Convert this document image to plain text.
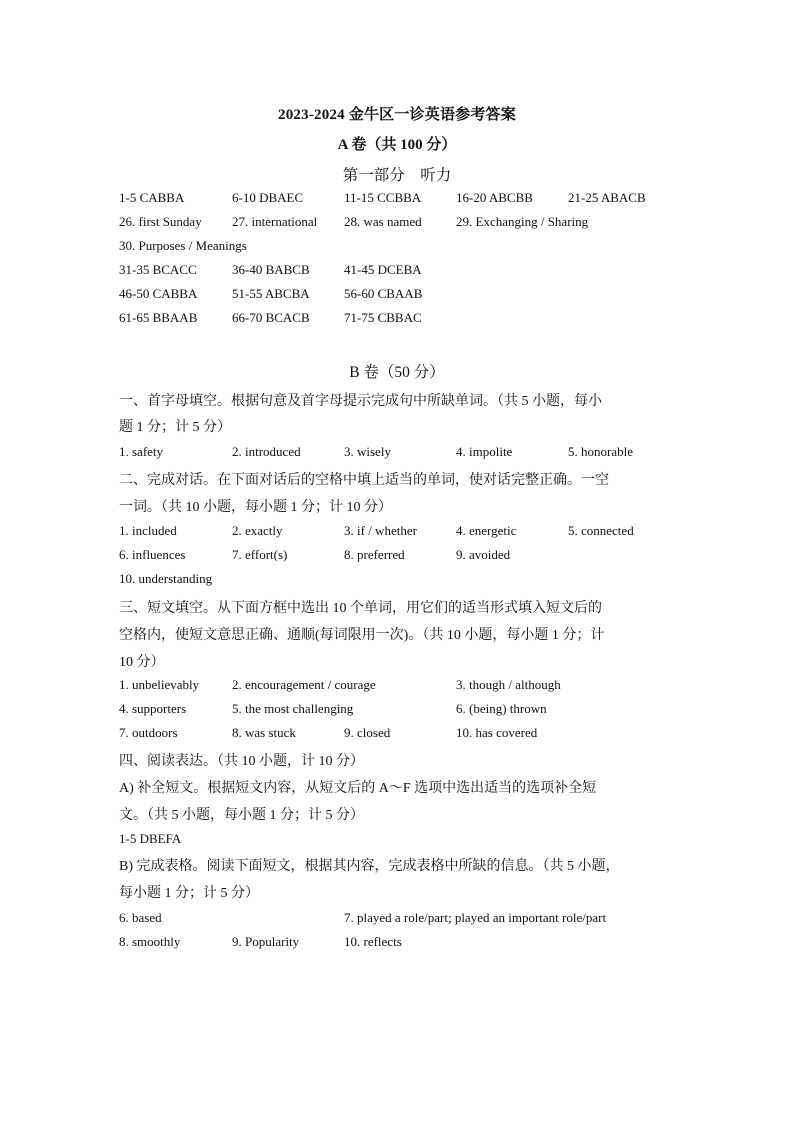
2023-2024 金牛区一诊英语参考答案
A 卷（共 100 分）
第一部分　听力
1-5 CABBA	6-10 DBAEC	11-15 CCBBA	16-20 ABCBB	21-25 ABACB
26. first Sunday 27. international 28. was named	29. Exchanging / Sharing
30. Purposes / Meanings
31-35 BCACC	36-40 BABCB	41-45 DCEBA
46-50 CABBA	51-55 ABCBA	56-60 CBAAB
61-65 BBAAB	66-70 BCACB	71-75 CBBAC
B 卷（50 分）
一、首字母填空。根据句意及首字母提示完成句中所缺单词。（共 5 小题，每小
题 1 分；计 5 分）
1. safety	2. introduced	3. wisely	4. impolite	5. honorable
二、完成对话。在下面对话后的空格中填上适当的单词，使对话完整正确。一空
一词。（共 10 小题，每小题 1 分；计 10 分）
1. included	2. exactly	3. if / whether	4. energetic	5. connected
6. influences	7. effort(s)	8. preferred	9. avoided
10. understanding
三、短文填空。从下面方框中选出 10 个单词，用它们的适当形式填入短文后的
空格内，使短文意思正确、通顺(每词限用一次)。（共 10 小题，每小题 1 分；计
10 分）
1. unbelievably	2. encouragement / courage	3. though / although
4. supporters	5. the most challenging	6. (being) thrown
7. outdoors	8. was stuck	9. closed	10. has covered
四、阅读表达。（共 10 小题，计 10 分）
A) 补全短文。根据短文内容，从短文后的 A～F 选项中选出适当的选项补全短
文。（共 5 小题，每小题 1 分；计 5 分）
1-5 DBEFA
B) 完成表格。阅读下面短文，根据其内容，完成表格中所缺的信息。（共 5 小题，
每小题 1 分；计 5 分）
6. based	7. played a role/part; played an important role/part
8. smoothly	9. Popularity	10. reflects
